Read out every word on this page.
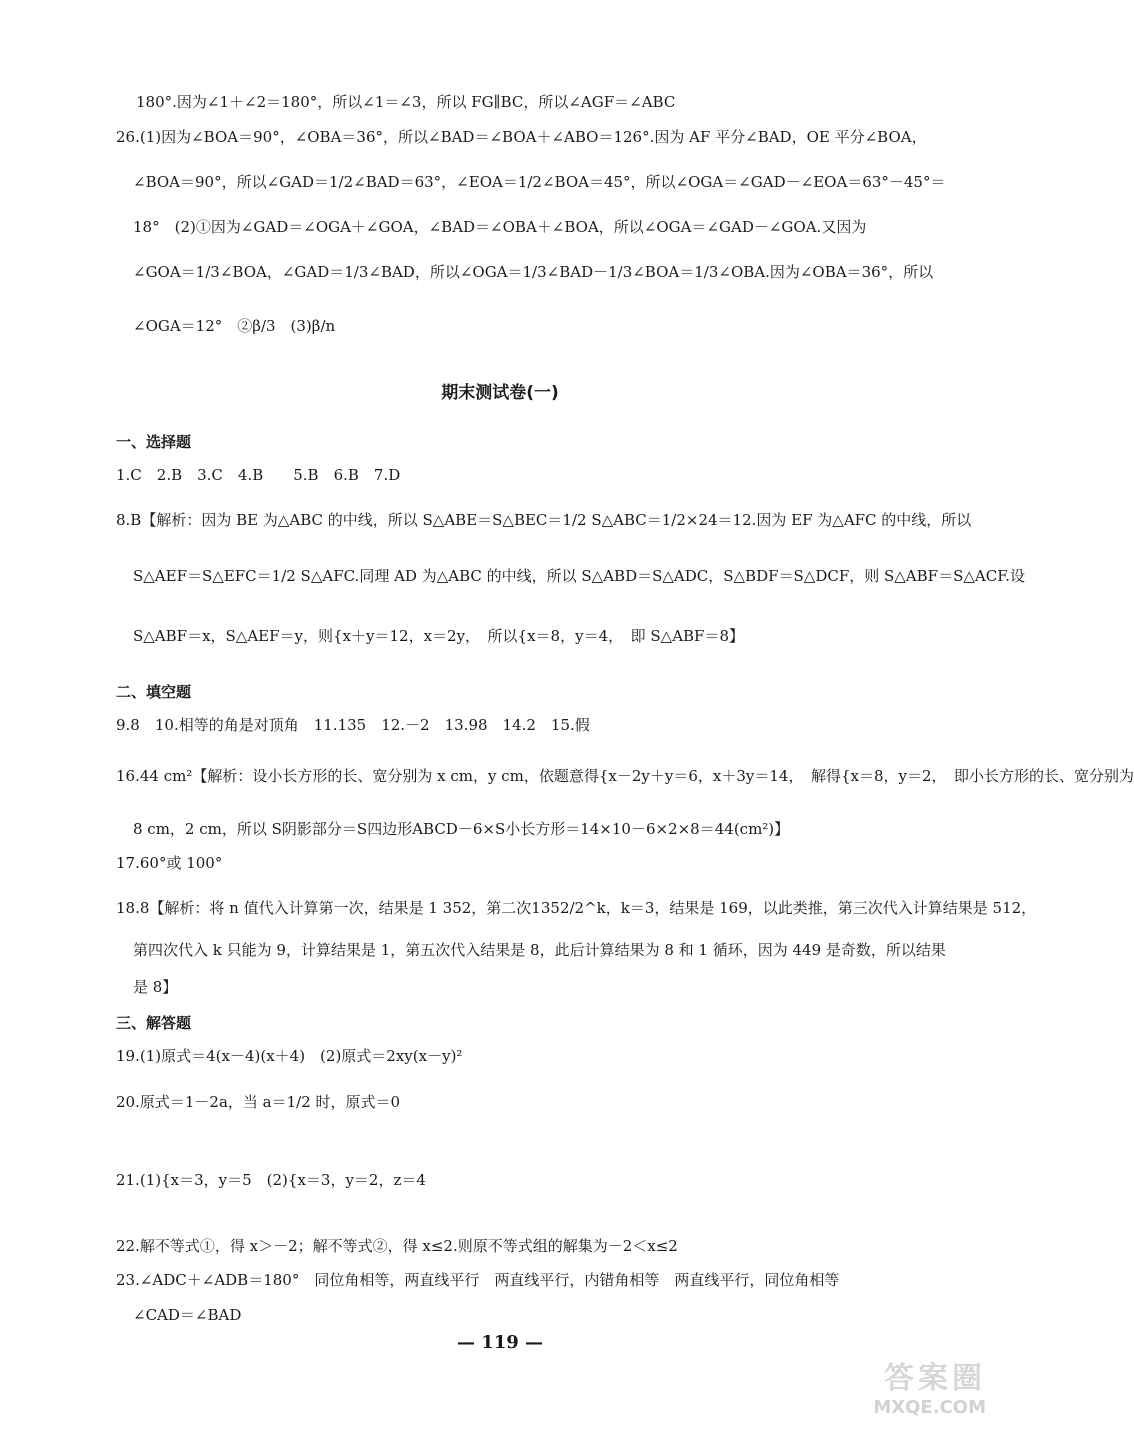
180°.因为∠1＋∠2＝180°，所以∠1＝∠3，所以 FG∥BC，所以∠AGF＝∠ABC
26.(1)因为∠BOA＝90°，∠OBA＝36°，所以∠BAD＝∠BOA＋∠ABO＝126°.因为 AF 平分∠BAD，OE 平分∠BOA，
∠BOA＝90°，所以∠GAD＝1/2∠BAD＝63°，∠EOA＝1/2∠BOA＝45°，所以∠OGA＝∠GAD－∠EOA＝63°－45°＝
18°　(2)①因为∠GAD＝∠OGA＋∠GOA，∠BAD＝∠OBA＋∠BOA，所以∠OGA＝∠GAD－∠GOA.又因为
∠GOA＝1/3∠BOA，∠GAD＝1/3∠BAD，所以∠OGA＝1/3∠BAD－1/3∠BOA＝1/3∠OBA.因为∠OBA＝36°，所以
∠OGA＝12°　②β/3　(3)β/n
期末测试卷(一)
一、选择题
1.C　2.B　3.C　4.B　　5.B　6.B　7.D
8.B【解析：因为 BE 为△ABC 的中线，所以 S△ABE＝S△BEC＝1/2 S△ABC＝1/2×24＝12.因为 EF 为△AFC 的中线，所以
S△AEF＝S△EFC＝1/2 S△AFC.同理 AD 为△ABC 的中线，所以 S△ABD＝S△ADC，S△BDF＝S△DCF，则 S△ABF＝S△ACF.设
S△ABF＝x，S△AEF＝y，则{x＋y＝12，x＝2y，　所以{x＝8，y＝4，　即 S△ABF＝8】
二、填空题
9.8　10.相等的角是对顶角　11.135　12.－2　13.98　14.2　15.假
16.44 cm²【解析：设小长方形的长、宽分别为 x cm，y cm，依题意得{x－2y＋y＝6，x＋3y＝14，　解得{x＝8，y＝2，　即小长方形的长、宽分别为
8 cm，2 cm，所以 S阴影部分＝S四边形ABCD－6×S小长方形＝14×10－6×2×8＝44(cm²)】
17.60°或 100°
18.8【解析：将 n 值代入计算第一次，结果是 1 352，第二次1352/2^k，k＝3，结果是 169，以此类推，第三次代入计算结果是 512，
第四次代入 k 只能为 9，计算结果是 1，第五次代入结果是 8，此后计算结果为 8 和 1 循环，因为 449 是奇数，所以结果
是 8】
三、解答题
19.(1)原式＝4(x－4)(x＋4)　(2)原式＝2xy(x－y)²
20.原式＝1－2a，当 a＝1/2 时，原式＝0
21.(1){x＝3，y＝5　(2){x＝3，y＝2，z＝4
22.解不等式①，得 x＞－2；解不等式②，得 x≤2.则原不等式组的解集为－2＜x≤2
23.∠ADC＋∠ADB＝180°　同位角相等，两直线平行　两直线平行，内错角相等　两直线平行，同位角相等
∠CAD＝∠BAD
— 119 —
答案圈
MXQE.COM
